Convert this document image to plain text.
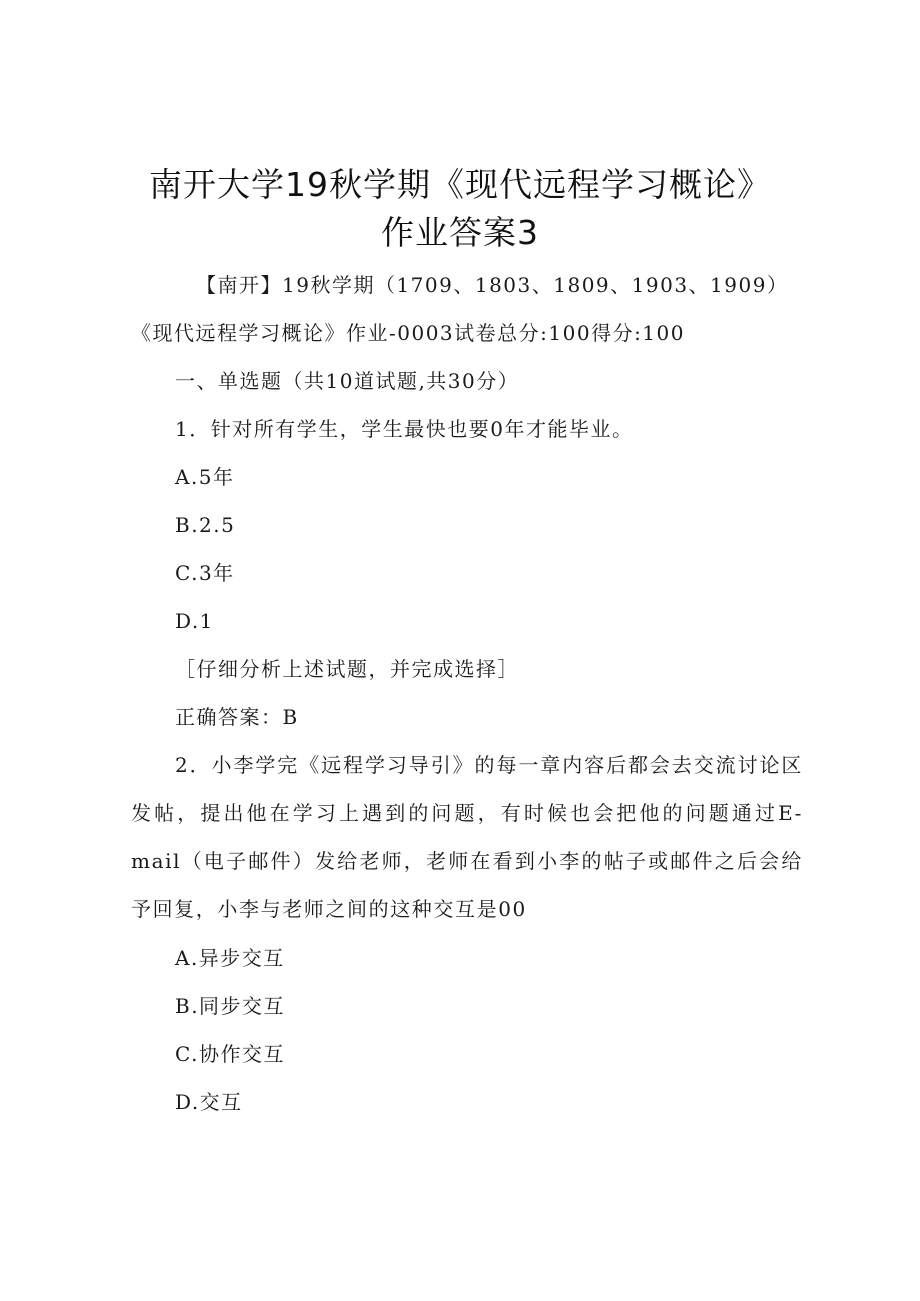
南开大学19秋学期《现代远程学习概论》
作业答案3
【南开】19秋学期（1709、1803、1809、1903、1909）
《现代远程学习概论》作业-0003试卷总分:100得分:100
一、单选题（共10道试题,共30分）
1．针对所有学生，学生最快也要0年才能毕业。
A.5年
B.2.5
C.3年
D.1
［仔细分析上述试题，并完成选择］
正确答案：B
2．小李学完《远程学习导引》的每一章内容后都会去交流讨论区发帖，提出他在学习上遇到的问题，有时候也会把他的问题通过E-mail（电子邮件）发给老师，老师在看到小李的帖子或邮件之后会给予回复，小李与老师之间的这种交互是00
A.异步交互
B.同步交互
C.协作交互
D.交互
